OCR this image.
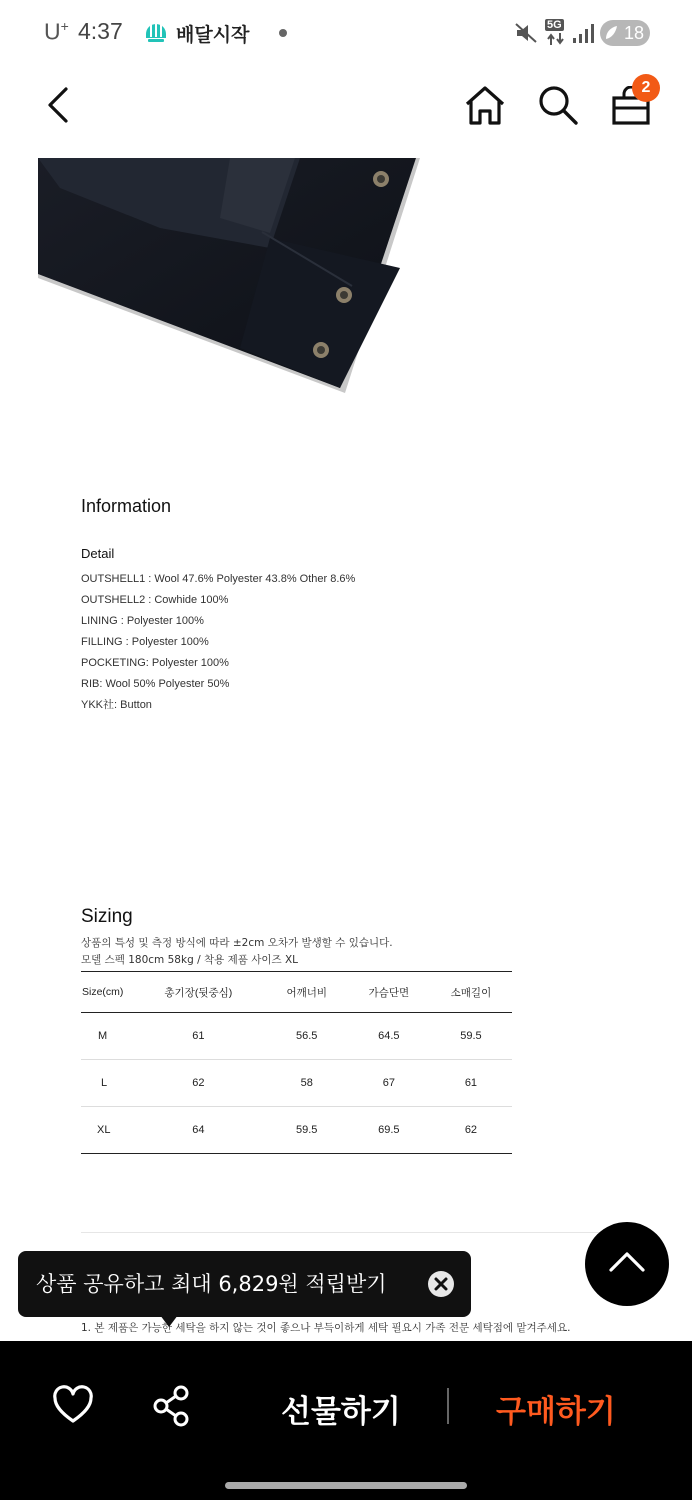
U+ 4:37	배달시작	5G	18
2
Information
Detail
OUTSHELL1 : Wool 47.6% Polyester 43.8% Other 8.6%
OUTSHELL2 : Cowhide 100%
LINING : Polyester 100%
FILLING : Polyester 100%
POCKETING: Polyester 100%
RIB: Wool 50% Polyester 50%
YKK社: Button
Sizing
상품의 특성 및 측정 방식에 따라 ±2cm 오차가 발생할 수 있습니다.
모델 스펙 180cm 58kg / 착용 제품 사이즈 XL
Size(cm)	총기장(뒷중심)	어깨너비	가슴단면	소매길이
M	61	56.5	64.5	59.5
L	62	58	67	61
XL	64	59.5	69.5	62
1. 본 제품은 가능한 세탁을 하지 않는 것이 좋으나 부득이하게 세탁 필요시 가족 전문 세탁점에 맡겨주세요.
상품 공유하고 최대 6,829원 적립받기
선물하기	구매하기
